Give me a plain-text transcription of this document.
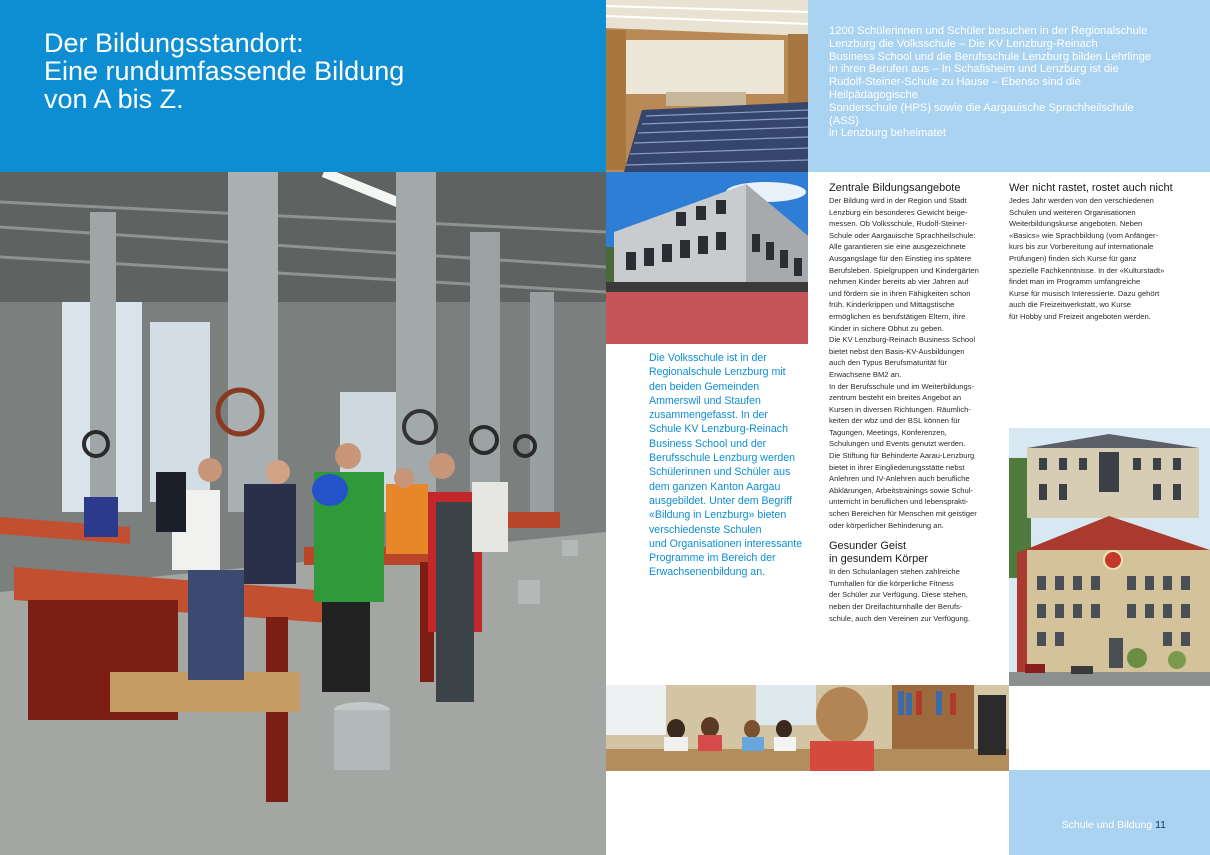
Der Bildungsstandort:
Eine rundumfassende Bildung
von A bis Z.
1200 Schülerinnen und Schüler besuchen in der Regionalschule
Lenzburg die Volksschule – Die KV Lenzburg-Reinach
Business School und die Berufsschule Lenzburg bilden Lehrlinge
in ihren Berufen aus – In Schafisheim und Lenzburg ist die
Rudolf-Steiner-Schule zu Hause – Ebenso sind die Heilpädagogische
Sonderschule (HPS) sowie die Aargauische Sprachheilschule (ASS)
in Lenzburg beheimatet
Die Volksschule ist in der
Regionalschule Lenzburg mit
den beiden Gemeinden
Ammerswil und Staufen
zusammengefasst. In der
Schule KV Lenzburg-Reinach
Business School und der
Berufsschule Lenzburg werden
Schülerinnen und Schüler aus
dem ganzen Kanton Aargau
ausgebildet. Unter dem Begriff
«Bildung in Lenzburg» bieten
verschiedenste Schulen
und Organisationen interessante
Programme im Bereich der
Erwachsenenbildung an.
Zentrale Bildungsangebote
Der Bildung wird in der Region und Stadt
Lenzburg ein besonderes Gewicht beige-
messen. Ob Volksschule, Rudolf-Steiner-
Schule oder Aargauische Sprachheilschule:
Alle garantieren sie eine ausgezeichnete
Ausgangslage für den Einstieg ins spätere
Berufsleben. Spielgruppen und Kindergärten
nehmen Kinder bereits ab vier Jahren auf
und fördern sie in ihren Fähigkeiten schon
früh. Kinderkrippen und Mittagstische
ermöglichen es berufstätigen Eltern, ihre
Kinder in sichere Obhut zu geben.
Die KV Lenzburg-Reinach Business School
bietet nebst den Basis-KV-Ausbildungen
auch den Typus Berufsmaturität für
Erwachsene BM2 an.
In der Berufsschule und im Weiterbildungs-
zentrum besteht ein breites Angebot an
Kursen in diversen Richtungen. Räumlich-
keiten der wbz und der BSL können für
Tagungen, Meetings, Konferenzen,
Schulungen und Events genutzt werden.
Die Stiftung für Behinderte Aarau-Lenzburg
bietet in ihrer Eingliederungsstätte nebst
Anlehren und IV-Anlehren auch berufliche
Abklärungen, Arbeitstrainings sowie Schul-
unterricht in beruflichen und lebensprakti-
schen Bereichen für Menschen mit geistiger
oder körperlicher Behinderung an.
Gesunder Geist
in gesundem Körper
In den Schulanlagen stehen zahlreiche
Turnhallen für die körperliche Fitness
der Schüler zur Verfügung. Diese stehen,
neben der Dreifachturnhalle der Berufs-
schule, auch den Vereinen zur Verfügung.
Wer nicht rastet, rostet auch nicht
Jedes Jahr werden von den verschiedenen
Schulen und weiteren Organisationen
Weiterbildungskurse angeboten. Neben
«Basics» wie Sprachbildung (vom Anfänger-
kurs bis zur Vorbereitung auf internationale
Prüfungen) finden sich Kurse für ganz
spezielle Fachkenntnisse. In der «Kulturstadt»
findet man im Programm umfangreiche
Kurse für musisch Interessierte. Dazu gehört
auch die Freizeitwerkstatt, wo Kurse
für Hobby und Freizeit angeboten werden.
Schule und Bildung 11
